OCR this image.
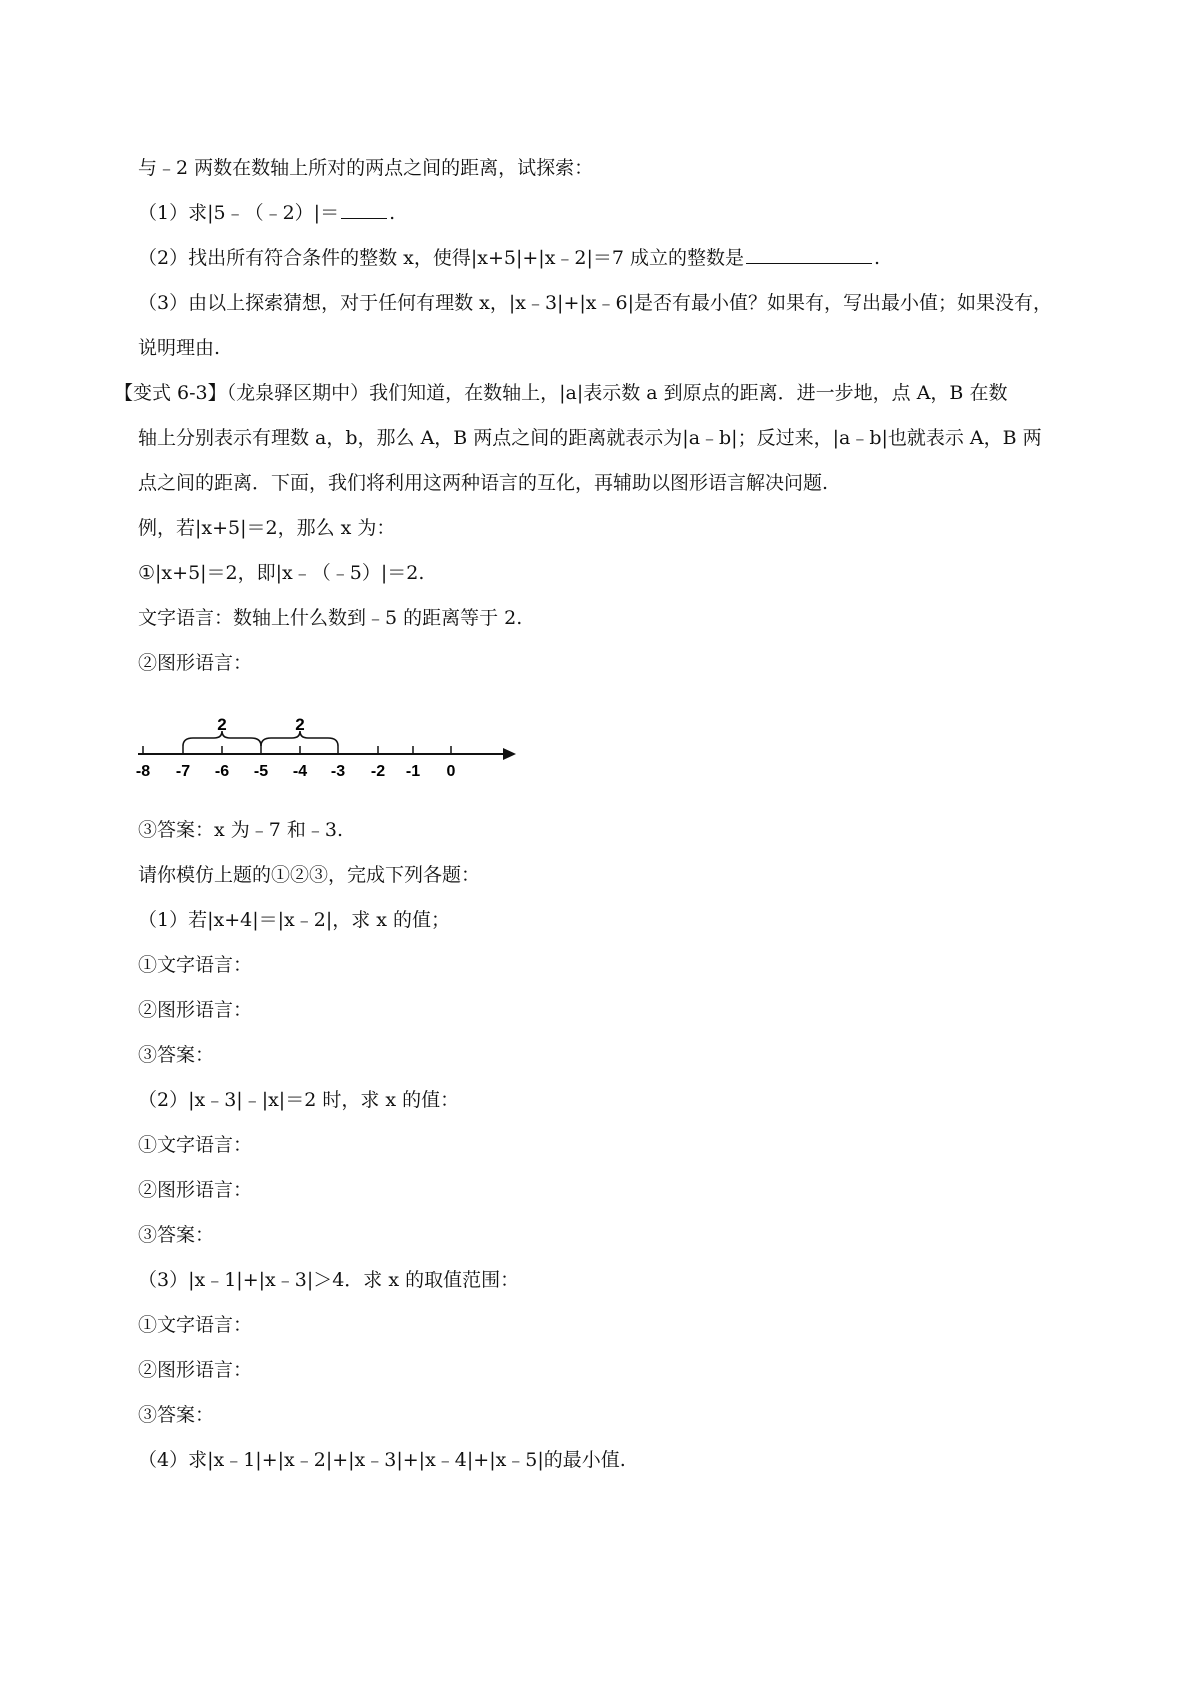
与﹣2 两数在数轴上所对的两点之间的距离，试探索：
（1）求|5﹣（﹣2）|＝	.
（2）找出所有符合条件的整数 x，使得|x+5|+|x﹣2|＝7 成立的整数是	.
（3）由以上探索猜想，对于任何有理数 x，|x﹣3|+|x﹣6|是否有最小值？如果有，写出最小值；如果没有，
说明理由.
【变式 6-3】（龙泉驿区期中）我们知道，在数轴上，|a|表示数 a 到原点的距离．进一步地，点 A，B 在数
轴上分别表示有理数 a，b，那么 A，B 两点之间的距离就表示为|a﹣b|；反过来，|a﹣b|也就表示 A，B 两
点之间的距离．下面，我们将利用这两种语言的互化，再辅助以图形语言解决问题.
例，若|x+5|＝2，那么 x 为：
①|x+5|＝2，即|x﹣（﹣5）|＝2.
文字语言：数轴上什么数到﹣5 的距离等于 2.
②图形语言：
2	2
-8 -7 -6 -5 -4 -3 -2 -1 0
③答案：x 为﹣7 和﹣3.
请你模仿上题的①②③，完成下列各题：
（1）若|x+4|＝|x﹣2|，求 x 的值；
①文字语言：
②图形语言：
③答案：
（2）|x﹣3|﹣|x|＝2 时，求 x 的值：
①文字语言：
②图形语言：
③答案：
（3）|x﹣1|+|x﹣3|＞4．求 x 的取值范围：
①文字语言：
②图形语言：
③答案：
（4）求|x﹣1|+|x﹣2|+|x﹣3|+|x﹣4|+|x﹣5|的最小值.
